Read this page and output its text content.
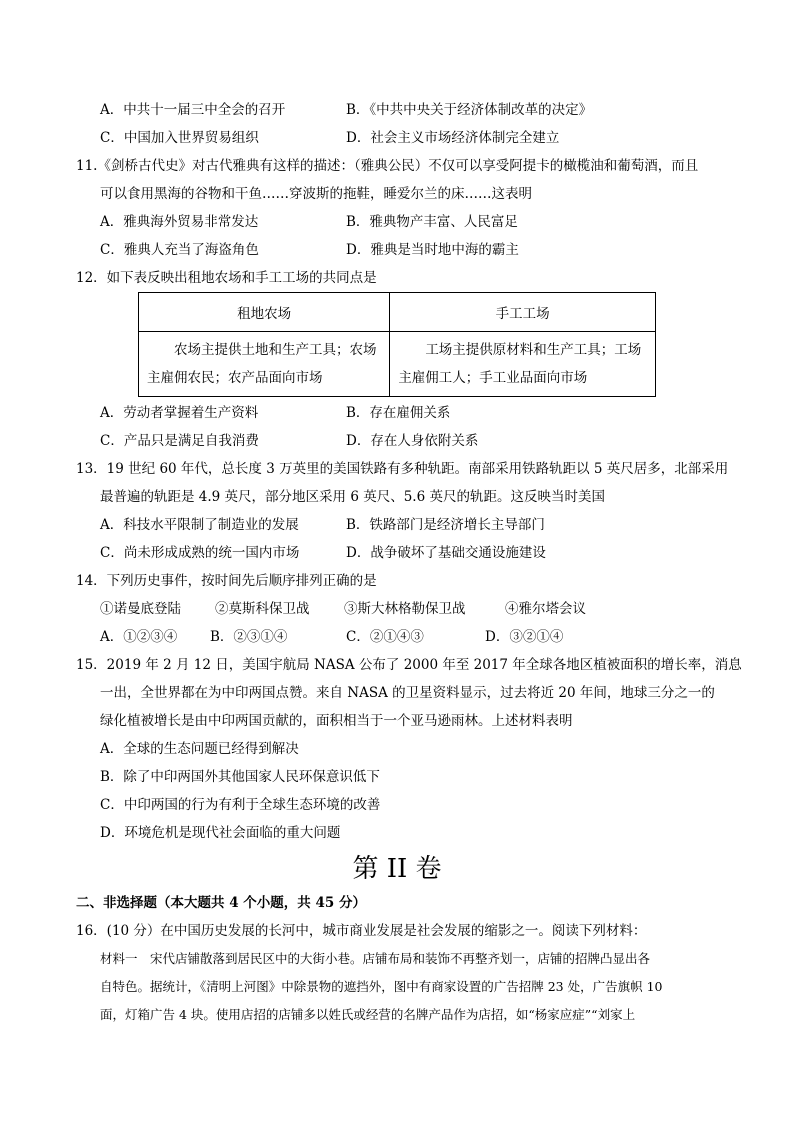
A．中共十一届三中全会的召开	B．《中共中央关于经济体制改革的决定》
C．中国加入世界贸易组织	D．社会主义市场经济体制完全建立
11.《剑桥古代史》对古代雅典有这样的描述：（雅典公民）不仅可以享受阿提卡的橄榄油和葡萄酒，而且
可以食用黑海的谷物和干鱼……穿波斯的拖鞋，睡爱尔兰的床……这表明
A．雅典海外贸易非常发达	B．雅典物产丰富、人民富足
C．雅典人充当了海盗角色	D．雅典是当时地中海的霸主
12．如下表反映出租地农场和手工工场的共同点是
租地农场	手工工场
农场主提供土地和生产工具；农场主雇佣农民；农产品面向市场	工场主提供原材料和生产工具；工场主雇佣工人；手工业品面向市场
A．劳动者掌握着生产资料	B．存在雇佣关系
C．产品只是满足自我消费	D．存在人身依附关系
13．19 世纪 60 年代，总长度 3 万英里的美国铁路有多种轨距。南部采用铁路轨距以 5 英尺居多，北部采用
最普遍的轨距是 4.9 英尺，部分地区采用 6 英尺、5.6 英尺的轨距。这反映当时美国
A．科技水平限制了制造业的发展	B．铁路部门是经济增长主导部门
C．尚未形成成熟的统一国内市场	D．战争破坏了基础交通设施建设
14．下列历史事件，按时间先后顺序排列正确的是
①诺曼底登陆	②莫斯科保卫战	③斯大林格勒保卫战	④雅尔塔会议
A．①②③④ B．②③①④	C．②①④③	D．③②①④
15．2019 年 2 月 12 日，美国宇航局 NASA 公布了 2000 年至 2017 年全球各地区植被面积的增长率，消息
一出，全世界都在为中印两国点赞。来自 NASA 的卫星资料显示，过去将近 20 年间，地球三分之一的
绿化植被增长是由中印两国贡献的，面积相当于一个亚马逊雨林。上述材料表明
A．全球的生态问题已经得到解决
B．除了中印两国外其他国家人民环保意识低下
C．中印两国的行为有利于全球生态环境的改善
D．环境危机是现代社会面临的重大问题
第 II 卷
二、非选择题（本大题共 4 个小题，共 45 分）
16．(10 分）在中国历史发展的长河中，城市商业发展是社会发展的缩影之一。阅读下列材料：
材料一　宋代店铺散落到居民区中的大街小巷。店铺布局和装饰不再整齐划一，店铺的招牌凸显出各
自特色。据统计，《清明上河图》中除景物的遮挡外，图中有商家设置的广告招牌 23 处，广告旗帜 10
面，灯箱广告 4 块。使用店招的店铺多以姓氏或经营的名牌产品作为店招，如“杨家应症”“刘家上
